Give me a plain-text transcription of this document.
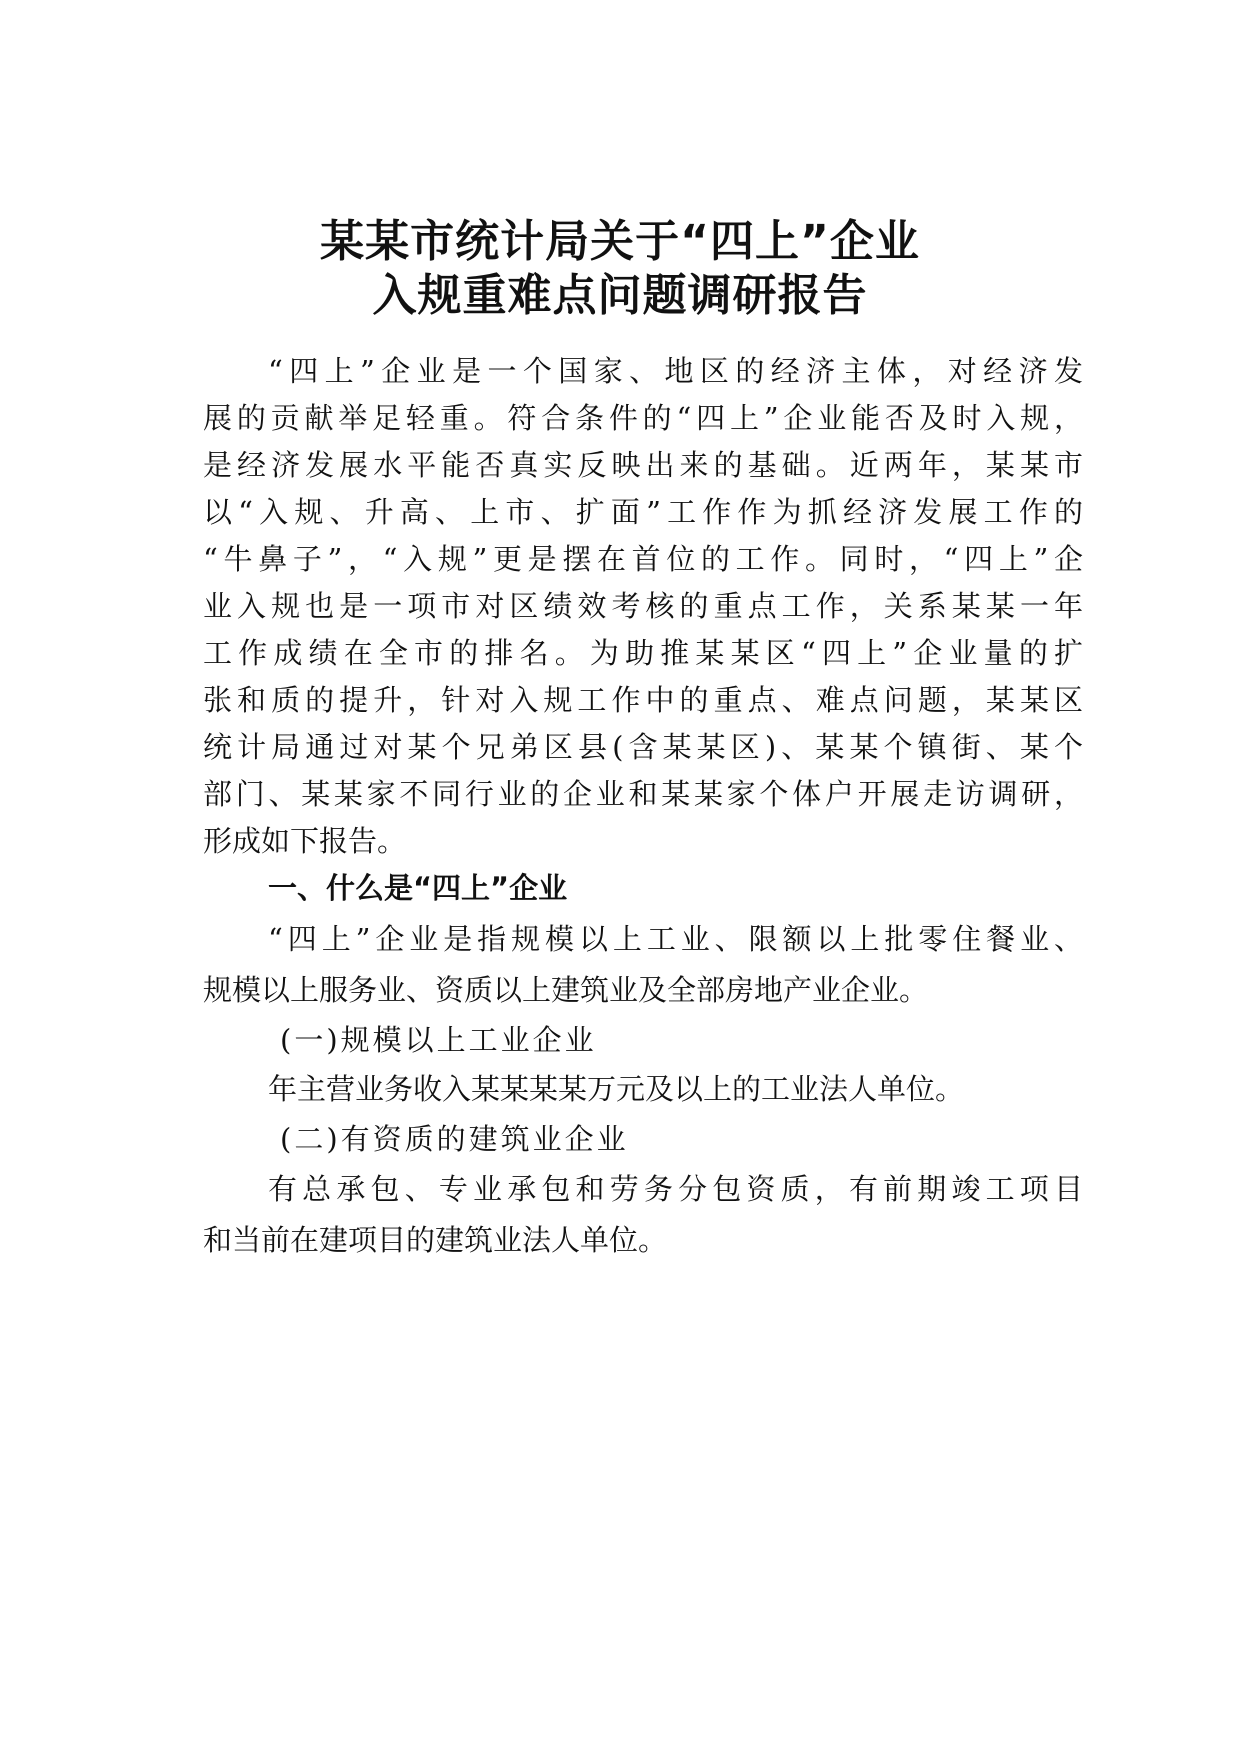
某某市统计局关于“四上”企业
入规重难点问题调研报告
“四上”企业是一个国家、地区的经济主体，对经济发
展的贡献举足轻重。符合条件的“四上”企业能否及时入规，
是经济发展水平能否真实反映出来的基础。近两年，某某市
以“入规、升高、上市、扩面”工作作为抓经济发展工作的
“牛鼻子”，“入规”更是摆在首位的工作。同时，“四上”企
业入规也是一项市对区绩效考核的重点工作，关系某某一年
工作成绩在全市的排名。为助推某某区“四上”企业量的扩
张和质的提升，针对入规工作中的重点、难点问题，某某区
统计局通过对某个兄弟区县(含某某区)、某某个镇街、某个
部门、某某家不同行业的企业和某某家个体户开展走访调研，
形成如下报告。
一、什么是“四上”企业
“四上”企业是指规模以上工业、限额以上批零住餐业、
规模以上服务业、资质以上建筑业及全部房地产业企业。
(一)规模以上工业企业
年主营业务收入某某某某万元及以上的工业法人单位。
(二)有资质的建筑业企业
有总承包、专业承包和劳务分包资质，有前期竣工项目
和当前在建项目的建筑业法人单位。
